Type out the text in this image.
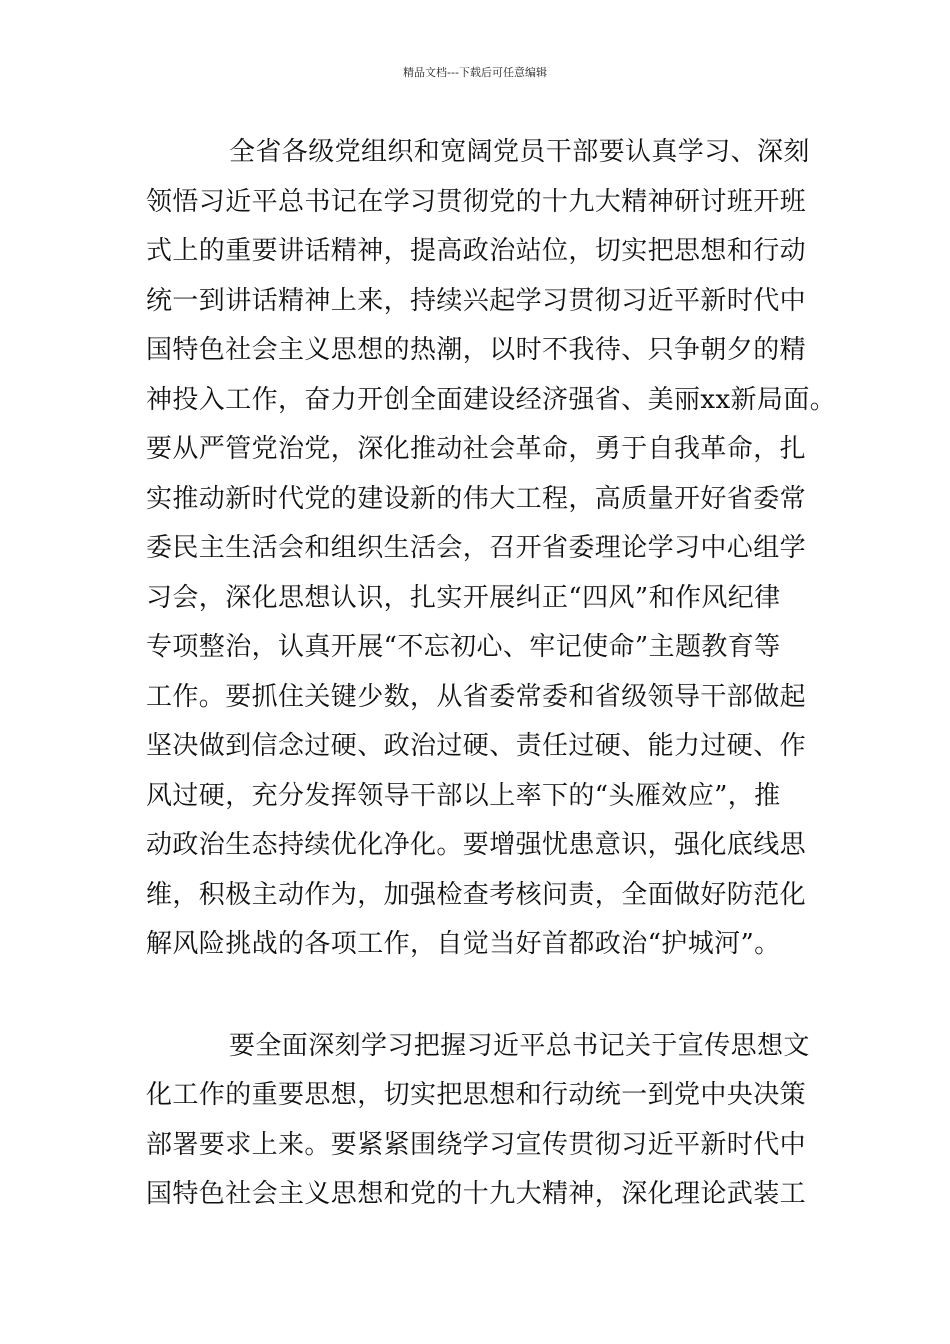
精品文档---下载后可任意编辑
全省各级党组织和宽阔党员干部要认真学习、深刻
领悟习近平总书记在学习贯彻党的十九大精神研讨班开班
式上的重要讲话精神，提高政治站位，切实把思想和行动
统一到讲话精神上来，持续兴起学习贯彻习近平新时代中
国特色社会主义思想的热潮，以时不我待、只争朝夕的精
神投入工作，奋力开创全面建设经济强省、美丽xx新局面。
要从严管党治党，深化推动社会革命，勇于自我革命，扎
实推动新时代党的建设新的伟大工程，高质量开好省委常
委民主生活会和组织生活会，召开省委理论学习中心组学
习会，深化思想认识，扎实开展纠正“四风”和作风纪律
专项整治，认真开展“不忘初心、牢记使命”主题教育等
工作。要抓住关键少数，从省委常委和省级领导干部做起
坚决做到信念过硬、政治过硬、责任过硬、能力过硬、作
风过硬，充分发挥领导干部以上率下的“头雁效应”，推
动政治生态持续优化净化。要增强忧患意识，强化底线思
维，积极主动作为，加强检查考核问责，全面做好防范化
解风险挑战的各项工作，自觉当好首都政治“护城河”。
要全面深刻学习把握习近平总书记关于宣传思想文
化工作的重要思想，切实把思想和行动统一到党中央决策
部署要求上来。要紧紧围绕学习宣传贯彻习近平新时代中
国特色社会主义思想和党的十九大精神，深化理论武装工
